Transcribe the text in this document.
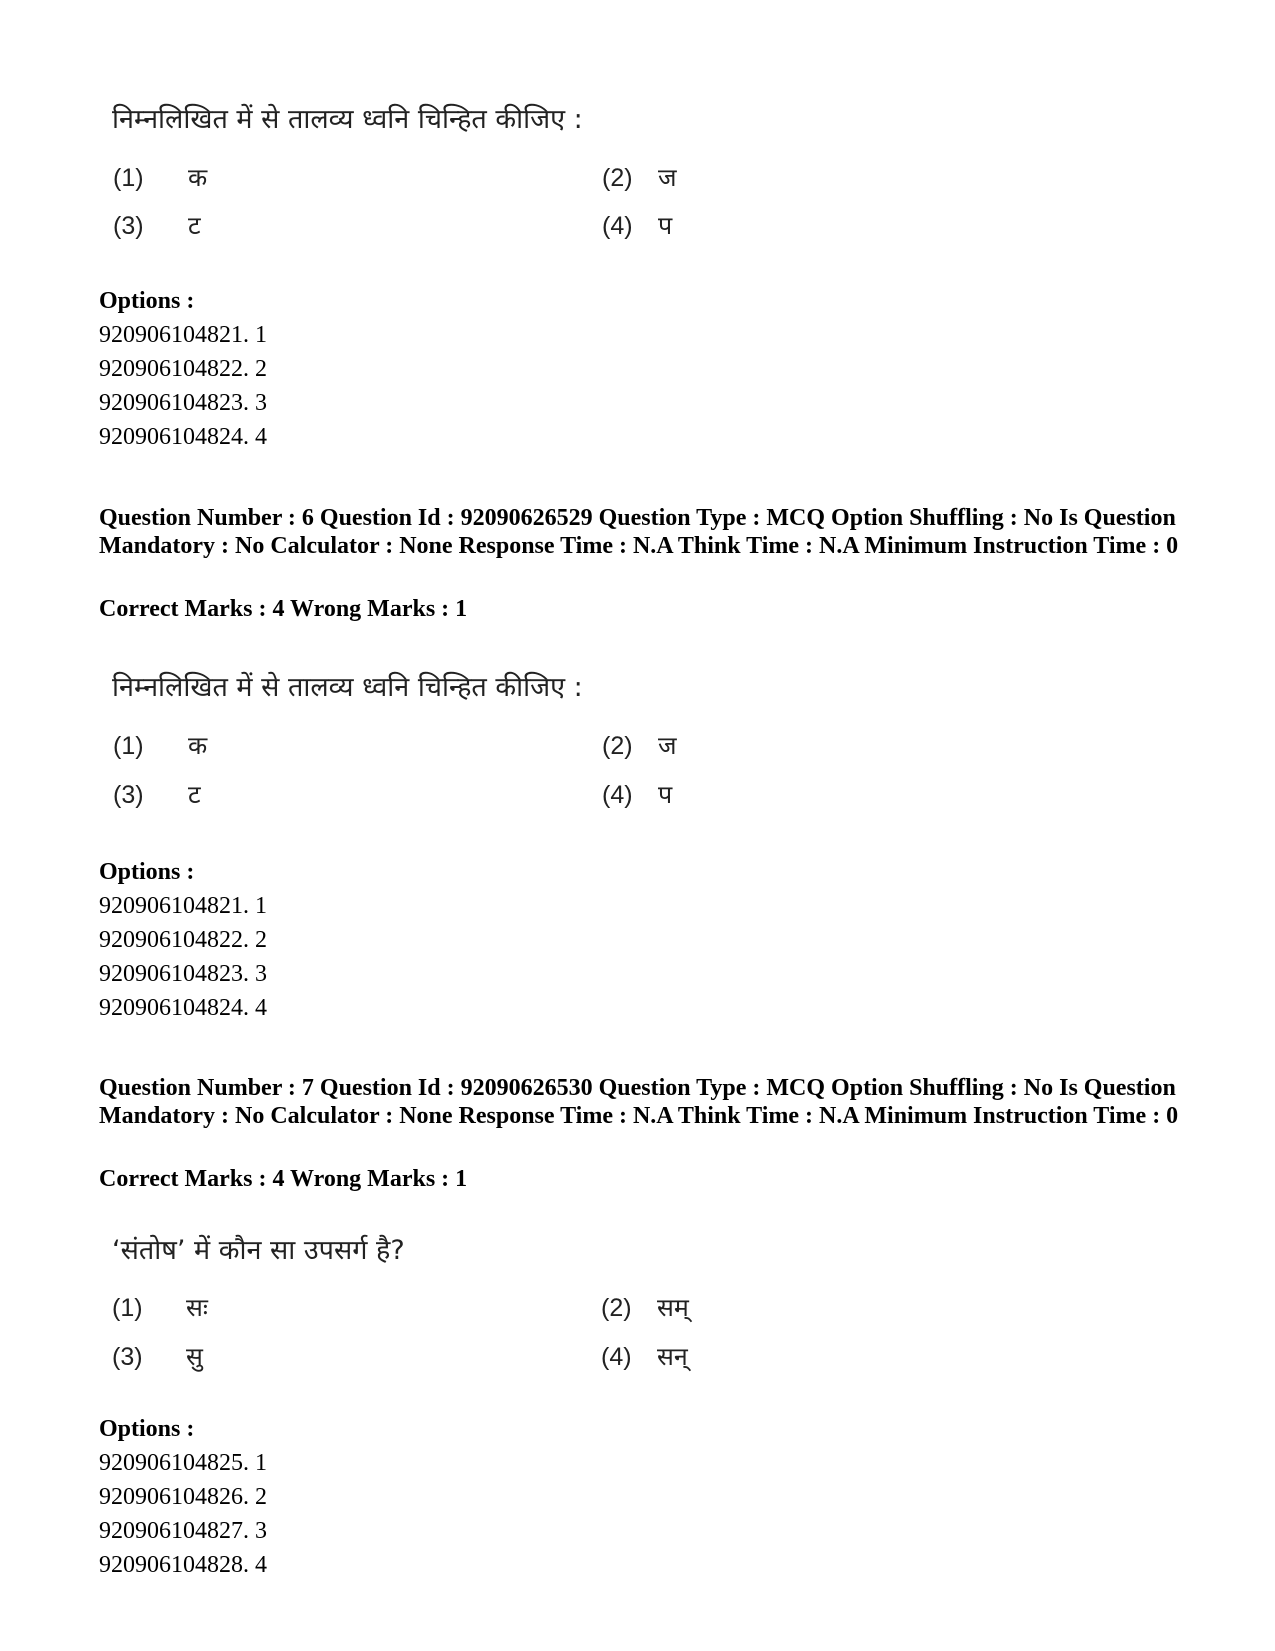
निम्नलिखित में से तालव्य ध्वनि चिन्हित कीजिए :
(1) क	(2) ज
(3) ट	(4) प
Options :
920906104821. 1
920906104822. 2
920906104823. 3
920906104824. 4
Question Number : 6 Question Id : 92090626529 Question Type : MCQ Option Shuffling : No Is Question Mandatory : No Calculator : None Response Time : N.A Think Time : N.A Minimum Instruction Time : 0
Correct Marks : 4 Wrong Marks : 1
निम्नलिखित में से तालव्य ध्वनि चिन्हित कीजिए :
(1) क	(2) ज
(3) ट	(4) प
Options :
920906104821. 1
920906104822. 2
920906104823. 3
920906104824. 4
Question Number : 7 Question Id : 92090626530 Question Type : MCQ Option Shuffling : No Is Question Mandatory : No Calculator : None Response Time : N.A Think Time : N.A Minimum Instruction Time : 0
Correct Marks : 4 Wrong Marks : 1
‘संतोष’ में कौन सा उपसर्ग है?
(1) सः	(2) सम्
(3) सु	(4) सन्
Options :
920906104825. 1
920906104826. 2
920906104827. 3
920906104828. 4
